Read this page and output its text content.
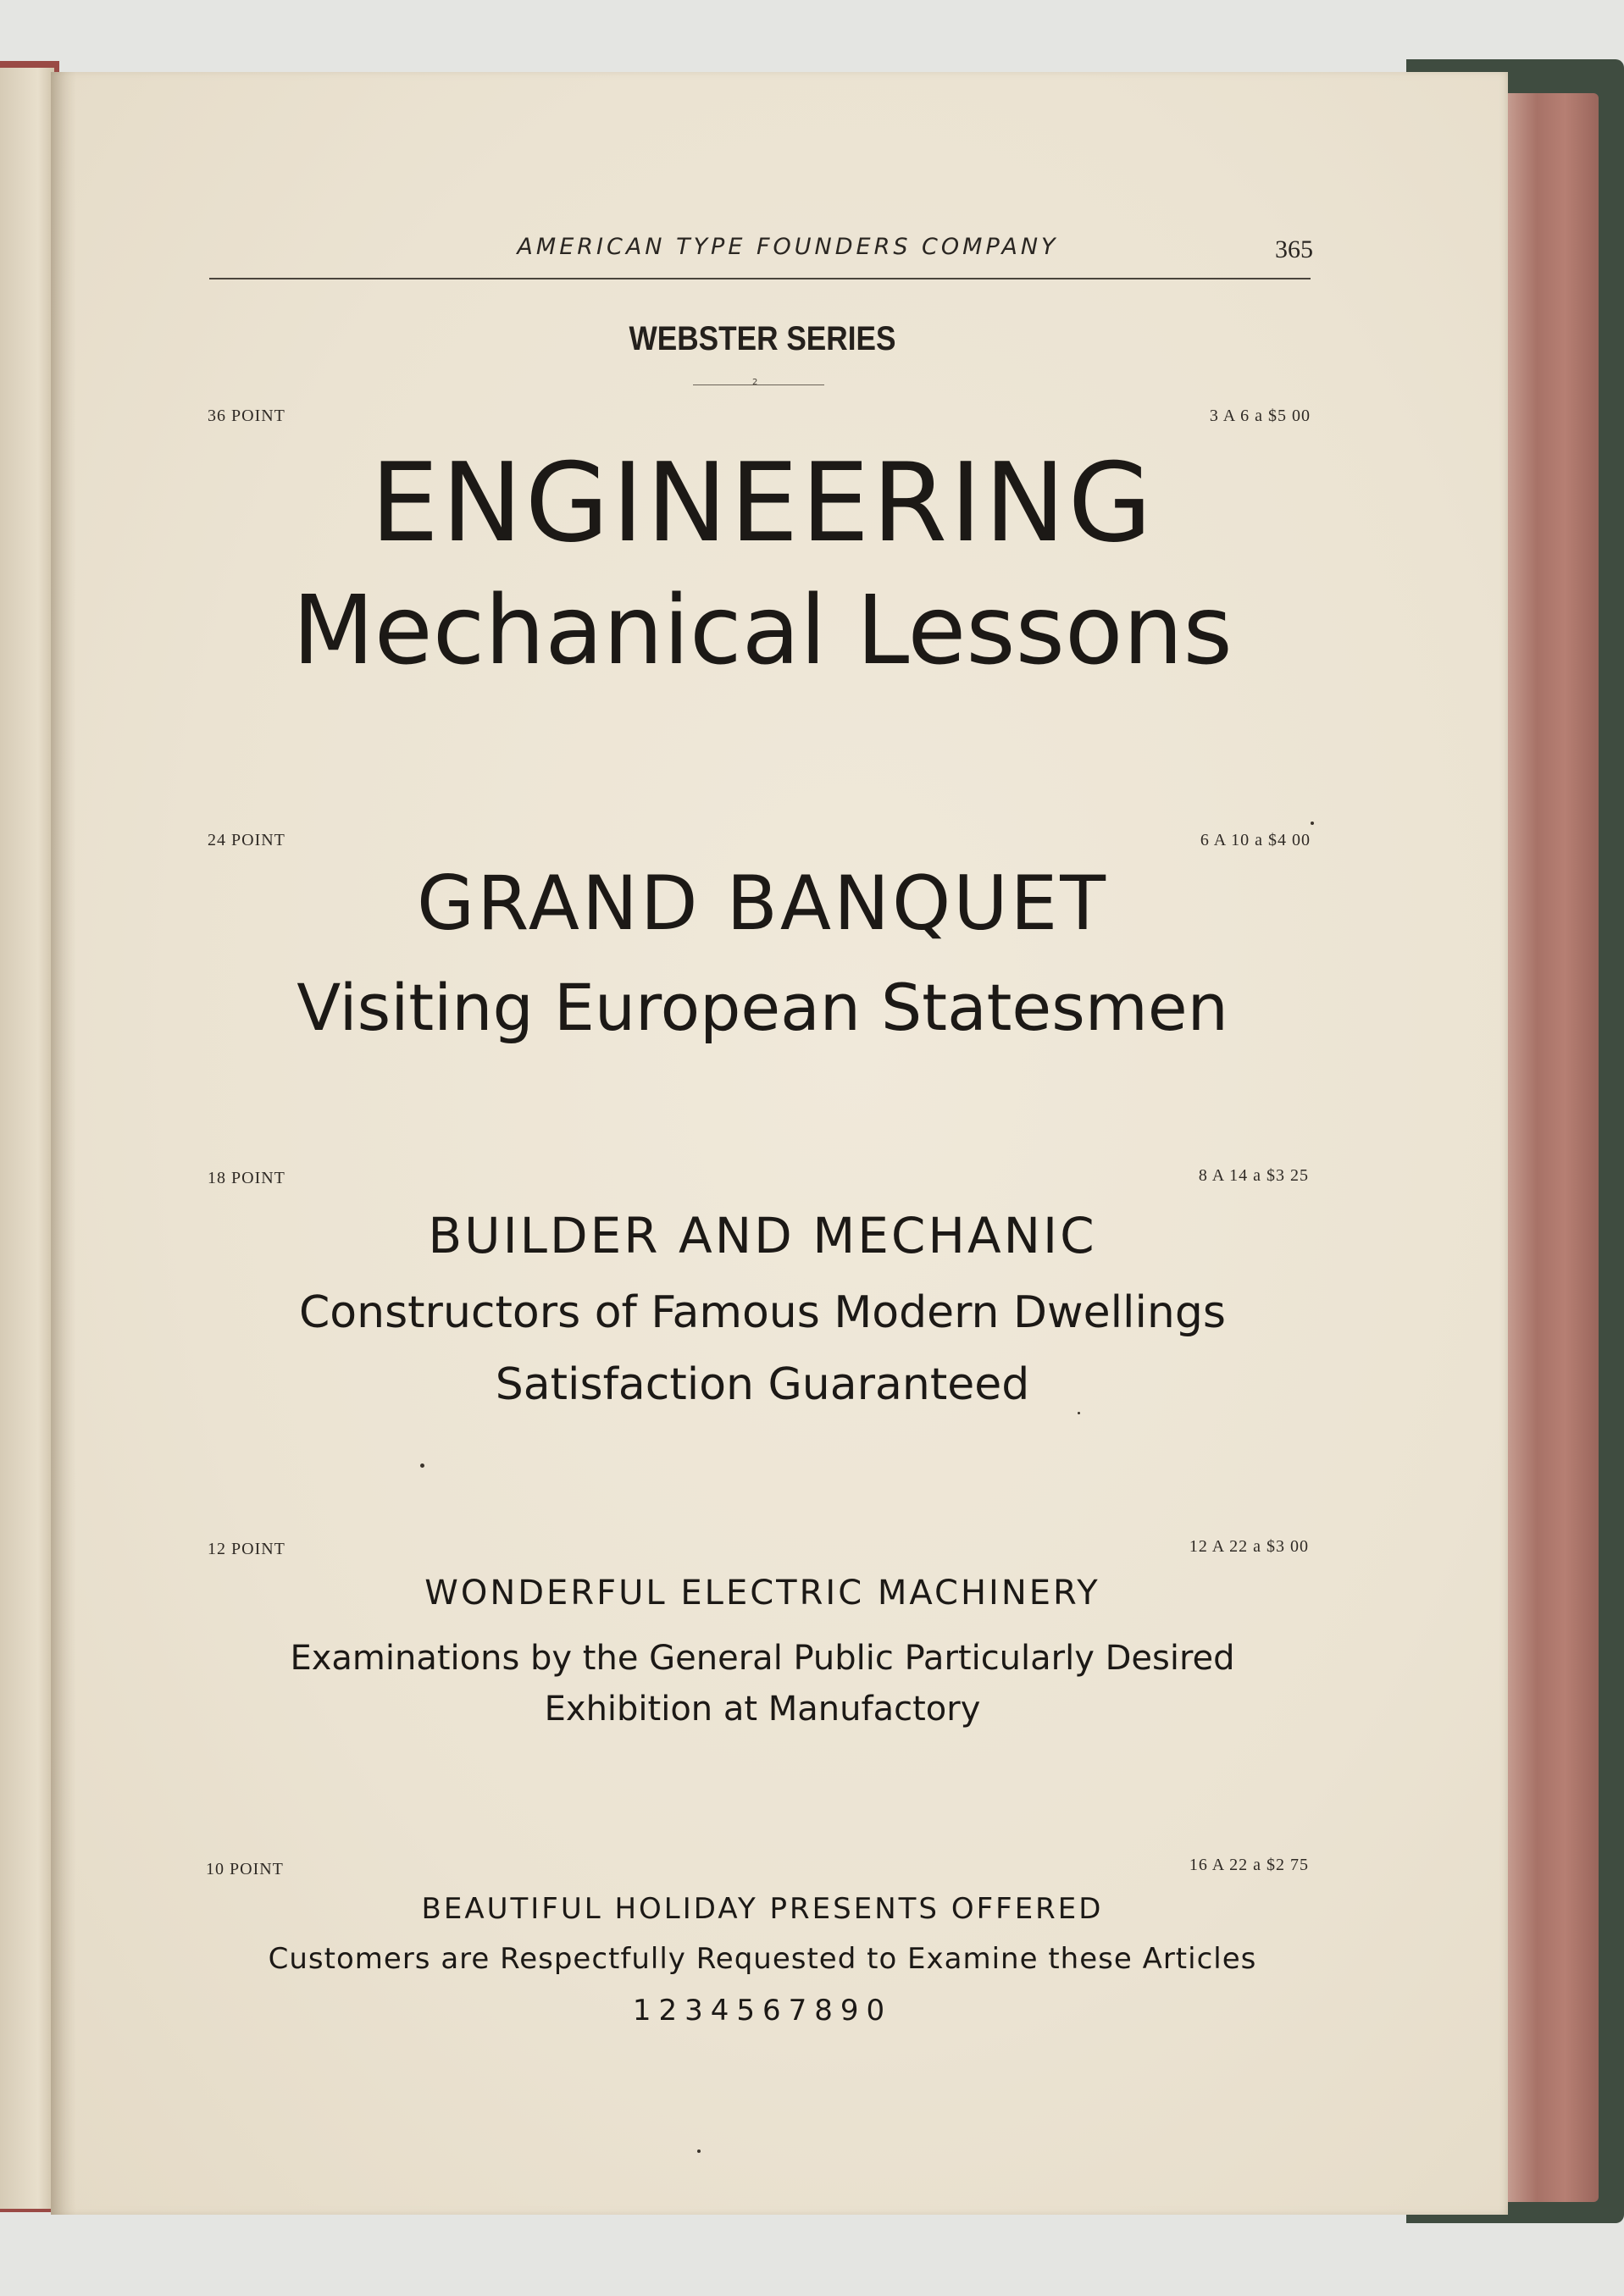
AMERICAN TYPE FOUNDERS COMPANY	365
WEBSTER SERIES
2
36 POINT	3 A 6 a $5 00
ENGINEERING
Mechanical Lessons
24 POINT	6 A 10 a $4 00
GRAND BANQUET
Visiting European Statesmen
18 POINT	8 A 14 a $3 25
BUILDER AND MECHANIC
Constructors of Famous Modern Dwellings
Satisfaction Guaranteed
12 POINT	12 A 22 a $3 00
WONDERFUL ELECTRIC MACHINERY
Examinations by the General Public Particularly Desired
Exhibition at Manufactory
10 POINT	16 A 22 a $2 75
BEAUTIFUL HOLIDAY PRESENTS OFFERED
Customers are Respectfully Requested to Examine these Articles
1234567890
